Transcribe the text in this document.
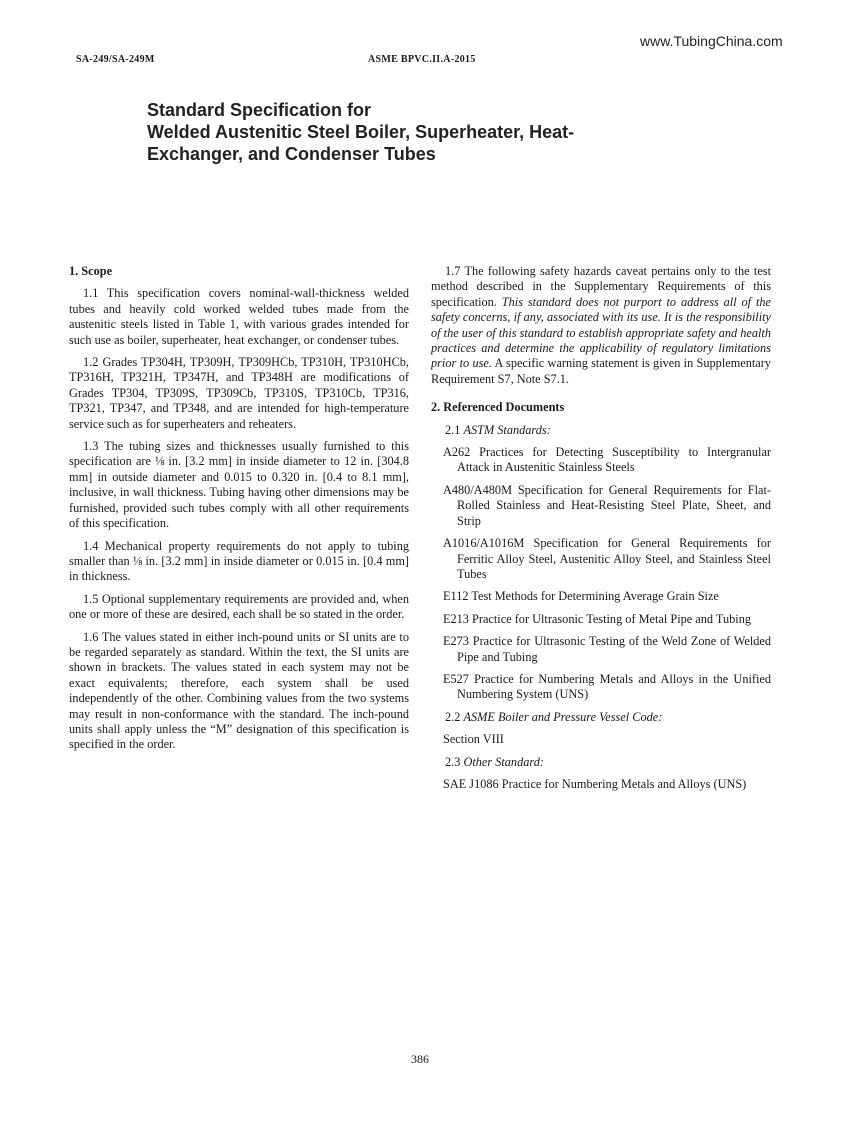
www.TubingChina.com
SA-249/SA-249M	ASME BPVC.II.A-2015
Standard Specification for
Welded Austenitic Steel Boiler, Superheater, Heat-
Exchanger, and Condenser Tubes

1. Scope

1.1 This specification covers nominal-wall-thickness welded tubes and heavily cold worked welded tubes made from the austenitic steels listed in Table 1, with various grades intended for such use as boiler, superheater, heat exchanger, or condenser tubes.

1.2 Grades TP304H, TP309H, TP309HCb, TP310H, TP310HCb, TP316H, TP321H, TP347H, and TP348H are modifications of Grades TP304, TP309S, TP309Cb, TP310S, TP310Cb, TP316, TP321, TP347, and TP348, and are intended for high-temperature service such as for superheaters and reheaters.

1.3 The tubing sizes and thicknesses usually furnished to this specification are ⅛ in. [3.2 mm] in inside diameter to 12 in. [304.8 mm] in outside diameter and 0.015 to 0.320 in. [0.4 to 8.1 mm], inclusive, in wall thickness. Tubing having other dimensions may be furnished, provided such tubes comply with all other requirements of this specification.

1.4 Mechanical property requirements do not apply to tubing smaller than ⅛ in. [3.2 mm] in inside diameter or 0.015 in. [0.4 mm] in thickness.

1.5 Optional supplementary requirements are provided and, when one or more of these are desired, each shall be so stated in the order.

1.6 The values stated in either inch-pound units or SI units are to be regarded separately as standard. Within the text, the SI units are shown in brackets. The values stated in each system may not be exact equivalents; therefore, each system shall be used independently of the other. Combining values from the two systems may result in non-conformance with the standard. The inch-pound units shall apply unless the “M” designation of this specification is specified in the order.

1.7 The following safety hazards caveat pertains only to the test method described in the Supplementary Requirements of this specification. This standard does not purport to address all of the safety concerns, if any, associated with its use. It is the responsibility of the user of this standard to establish appropriate safety and health practices and determine the applicability of regulatory limitations prior to use. A specific warning statement is given in Supplementary Requirement S7, Note S7.1.

2. Referenced Documents

2.1 ASTM Standards:

A262 Practices for Detecting Susceptibility to Intergranular Attack in Austenitic Stainless Steels

A480/A480M Specification for General Requirements for Flat-Rolled Stainless and Heat-Resisting Steel Plate, Sheet, and Strip

A1016/A1016M Specification for General Requirements for Ferritic Alloy Steel, Austenitic Alloy Steel, and Stainless Steel Tubes

E112 Test Methods for Determining Average Grain Size

E213 Practice for Ultrasonic Testing of Metal Pipe and Tubing

E273 Practice for Ultrasonic Testing of the Weld Zone of Welded Pipe and Tubing

E527 Practice for Numbering Metals and Alloys in the Unified Numbering System (UNS)

2.2 ASME Boiler and Pressure Vessel Code:

Section VIII

2.3 Other Standard:

SAE J1086 Practice for Numbering Metals and Alloys (UNS)

386
